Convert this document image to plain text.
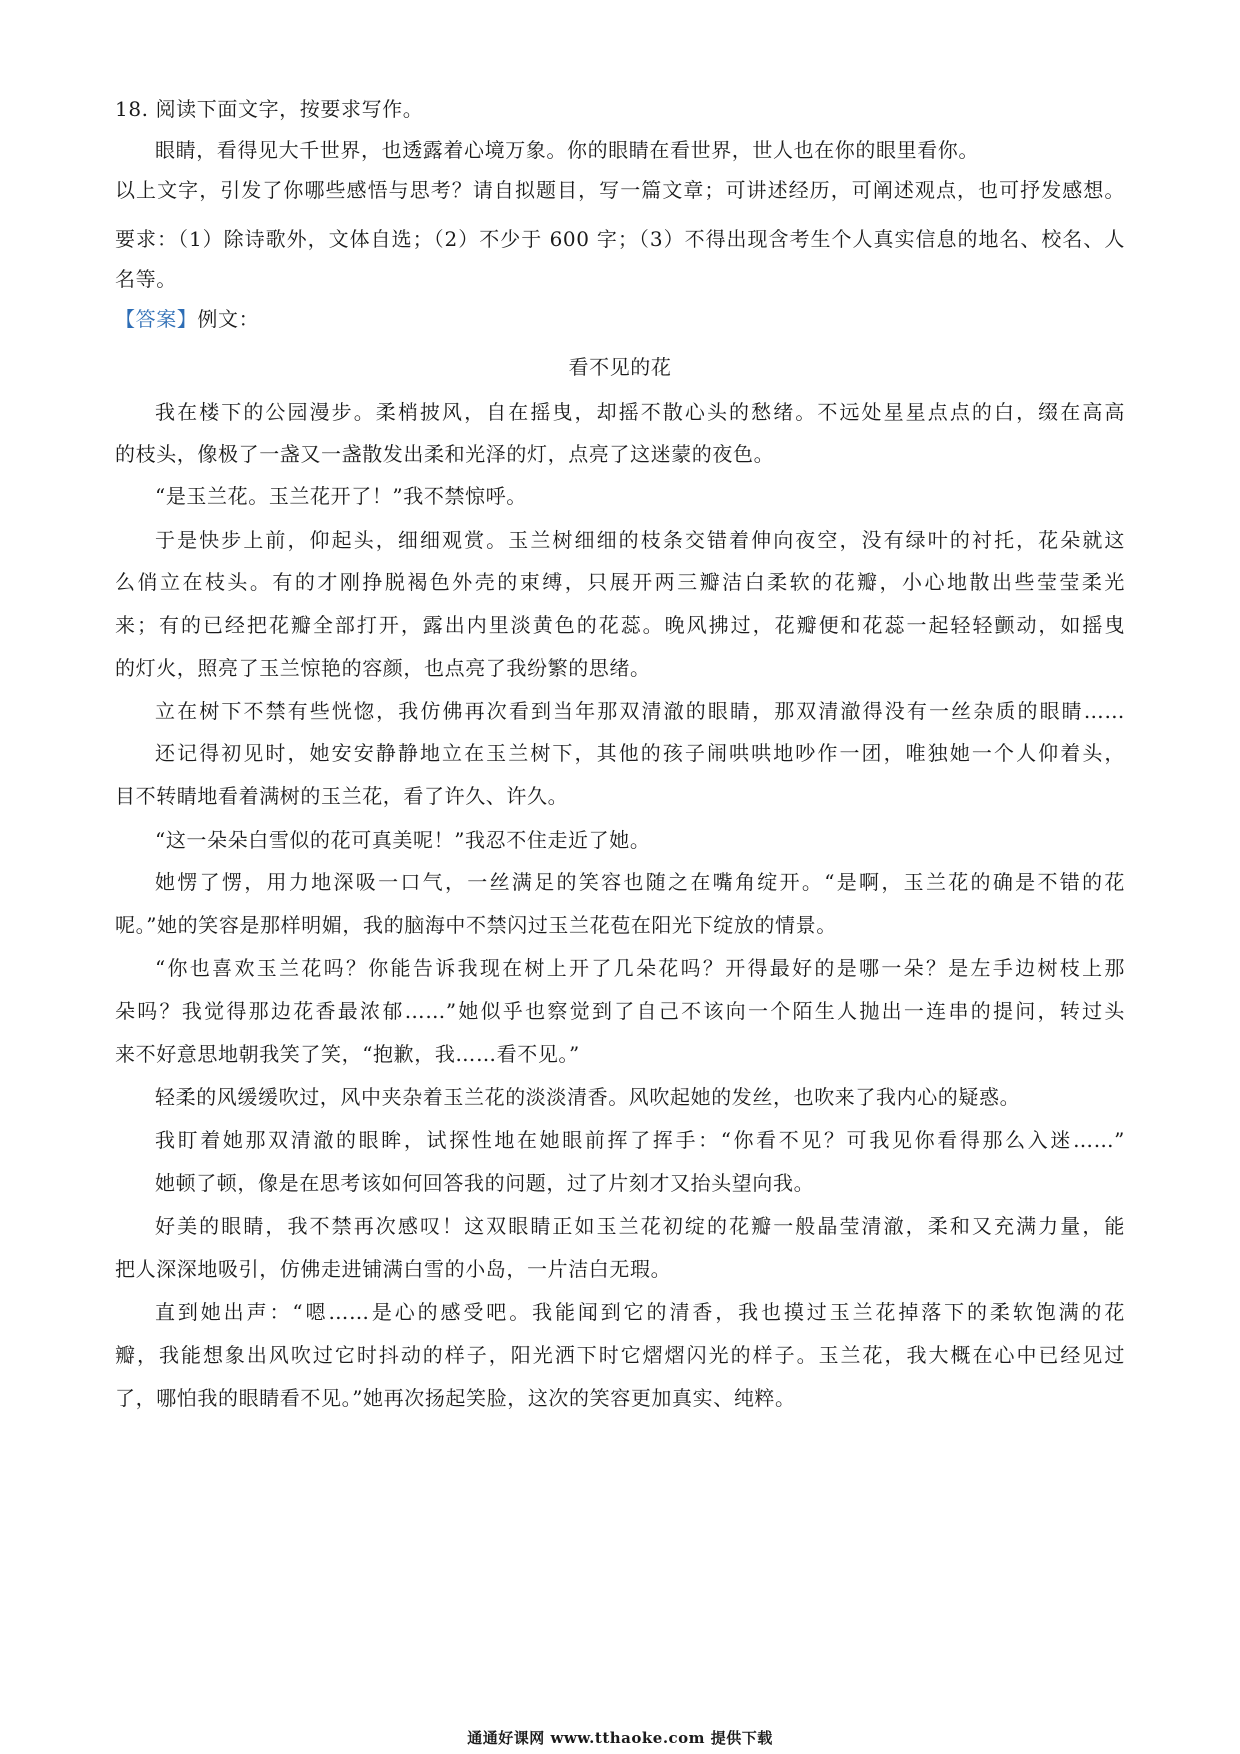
18. 阅读下面文字，按要求写作。
眼睛，看得见大千世界，也透露着心境万象。你的眼睛在看世界，世人也在你的眼里看你。
以上文字，引发了你哪些感悟与思考？请自拟题目，写一篇文章；可讲述经历，可阐述观点，也可抒发感想。
要求：（1）除诗歌外，文体自选；（2）不少于 600 字；（3）不得出现含考生个人真实信息的地名、校名、人
名等。
【答案】例文：
看不见的花
我在楼下的公园漫步。柔梢披风，自在摇曳，却摇不散心头的愁绪。不远处星星点点的白，缀在高高
的枝头，像极了一盏又一盏散发出柔和光泽的灯，点亮了这迷蒙的夜色。
“是玉兰花。玉兰花开了！”我不禁惊呼。
于是快步上前，仰起头，细细观赏。玉兰树细细的枝条交错着伸向夜空，没有绿叶的衬托，花朵就这
么俏立在枝头。有的才刚挣脱褐色外壳的束缚，只展开两三瓣洁白柔软的花瓣，小心地散出些莹莹柔光
来；有的已经把花瓣全部打开，露出内里淡黄色的花蕊。晚风拂过，花瓣便和花蕊一起轻轻颤动，如摇曳
的灯火，照亮了玉兰惊艳的容颜，也点亮了我纷繁的思绪。
立在树下不禁有些恍惚，我仿佛再次看到当年那双清澈的眼睛，那双清澈得没有一丝杂质的眼睛……
还记得初见时，她安安静静地立在玉兰树下，其他的孩子闹哄哄地吵作一团，唯独她一个人仰着头，
目不转睛地看着满树的玉兰花，看了许久、许久。
“这一朵朵白雪似的花可真美呢！”我忍不住走近了她。
她愣了愣，用力地深吸一口气，一丝满足的笑容也随之在嘴角绽开。“是啊，玉兰花的确是不错的花
呢。”她的笑容是那样明媚，我的脑海中不禁闪过玉兰花苞在阳光下绽放的情景。
“你也喜欢玉兰花吗？你能告诉我现在树上开了几朵花吗？开得最好的是哪一朵？是左手边树枝上那
朵吗？我觉得那边花香最浓郁……”她似乎也察觉到了自己不该向一个陌生人抛出一连串的提问，转过头
来不好意思地朝我笑了笑，“抱歉，我……看不见。”
轻柔的风缓缓吹过，风中夹杂着玉兰花的淡淡清香。风吹起她的发丝，也吹来了我内心的疑惑。
我盯着她那双清澈的眼眸，试探性地在她眼前挥了挥手：“你看不见？可我见你看得那么入迷……”
她顿了顿，像是在思考该如何回答我的问题，过了片刻才又抬头望向我。
好美的眼睛，我不禁再次感叹！这双眼睛正如玉兰花初绽的花瓣一般晶莹清澈，柔和又充满力量，能
把人深深地吸引，仿佛走进铺满白雪的小岛，一片洁白无瑕。
直到她出声：“嗯……是心的感受吧。我能闻到它的清香，我也摸过玉兰花掉落下的柔软饱满的花
瓣，我能想象出风吹过它时抖动的样子，阳光洒下时它熠熠闪光的样子。玉兰花，我大概在心中已经见过
了，哪怕我的眼睛看不见。”她再次扬起笑脸，这次的笑容更加真实、纯粹。
通通好课网 www.tthaoke.com 提供下载
